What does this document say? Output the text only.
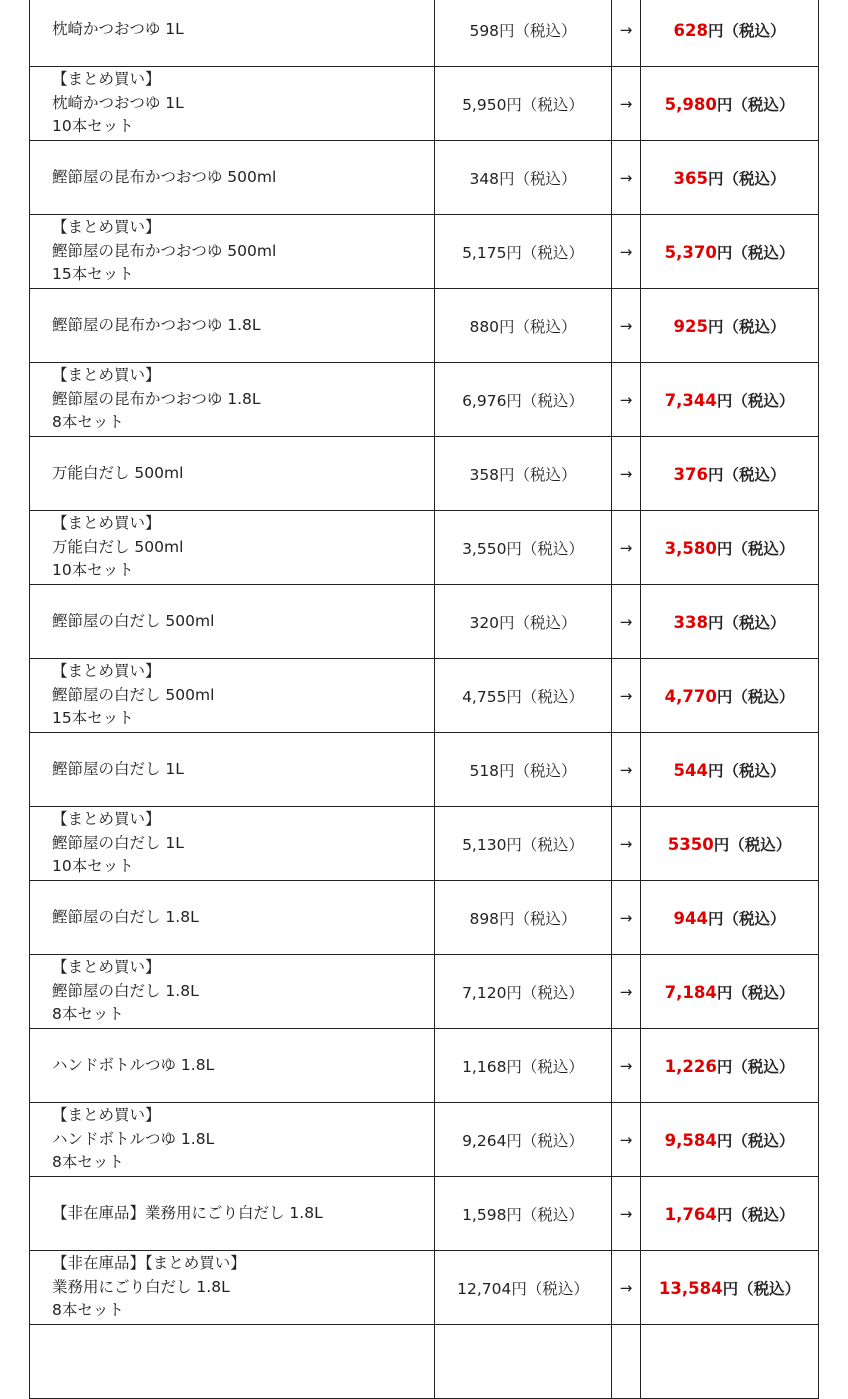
枕崎かつおつゆ 1L	598円（税込）	→	628円（税込）

【まとめ買い】
枕崎かつおつゆ 1L
10本セット	5,950円（税込）	→	5,980円（税込）

鰹節屋の昆布かつおつゆ 500ml	348円（税込）	→	365円（税込）

【まとめ買い】
鰹節屋の昆布かつおつゆ 500ml
15本セット	5,175円（税込）	→	5,370円（税込）

鰹節屋の昆布かつおつゆ 1.8L	880円（税込）	→	925円（税込）

【まとめ買い】
鰹節屋の昆布かつおつゆ 1.8L
8本セット	6,976円（税込）	→	7,344円（税込）

万能白だし 500ml	358円（税込）	→	376円（税込）

【まとめ買い】
万能白だし 500ml
10本セット	3,550円（税込）	→	3,580円（税込）

鰹節屋の白だし 500ml	320円（税込）	→	338円（税込）

【まとめ買い】
鰹節屋の白だし 500ml
15本セット	4,755円（税込）	→	4,770円（税込）

鰹節屋の白だし 1L	518円（税込）	→	544円（税込）

【まとめ買い】
鰹節屋の白だし 1L
10本セット	5,130円（税込）	→	5350円（税込）

鰹節屋の白だし 1.8L	898円（税込）	→	944円（税込）

【まとめ買い】
鰹節屋の白だし 1.8L
8本セット	7,120円（税込）	→	7,184円（税込）

ハンドボトルつゆ 1.8L	1,168円（税込）	→	1,226円（税込）

【まとめ買い】
ハンドボトルつゆ 1.8L
8本セット	9,264円（税込）	→	9,584円（税込）

【非在庫品】業務用にごり白だし 1.8L	1,598円（税込）	→	1,764円（税込）

【非在庫品】【まとめ買い】
業務用にごり白だし 1.8L
8本セット	12,704円（税込）	→	13,584円（税込）
